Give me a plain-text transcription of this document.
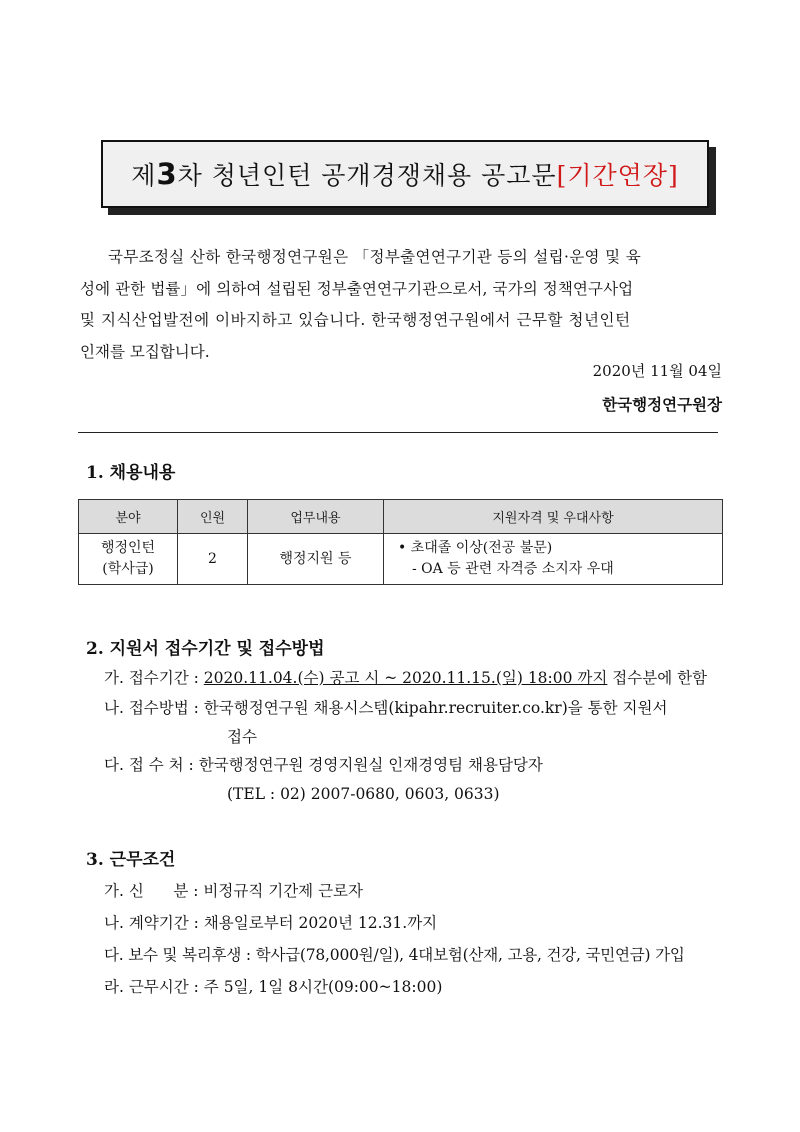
제 3 차 청년인턴 공개경쟁채용 공고문 [기간연장]
국무조정실 산하 한국행정연구원은 「정부출연연구기관 등의 설립·운영 및 육
성에 관한 법률」에 의하여 설립된 정부출연연구기관으로서, 국가의 정책연구사업
및 지식산업발전에 이바지하고 있습니다. 한국행정연구원에서 근무할 청년인턴
인재를 모집합니다.
2020년 11월 04일
한국행정연구원장
1. 채용내용
분야	인원	업무내용	지원자격 및 우대사항
행정인턴
(학사급)	2	행정지원 등	• 초대졸 이상(전공 불문)
- OA 등 관련 자격증 소지자 우대
2. 지원서 접수기간 및 접수방법
가. 접수기간 : 2020.11.04.(수) 공고 시 ~ 2020.11.15.(일) 18:00 까지 접수분에 한함
나. 접수방법 : 한국행정연구원 채용시스템(kipahr.recruiter.co.kr)을 통한 지원서
접수
다. 접 수 처 : 한국행정연구원 경영지원실 인재경영팀 채용담당자
(TEL : 02) 2007-0680, 0603, 0633)
3. 근무조건
가. 신      분 : 비정규직 기간제 근로자
나. 계약기간 : 채용일로부터 2020년 12.31.까지
다. 보수 및 복리후생 : 학사급(78,000원/일), 4대보험(산재, 고용, 건강, 국민연금) 가입
라. 근무시간 : 주 5일, 1일 8시간(09:00~18:00)
